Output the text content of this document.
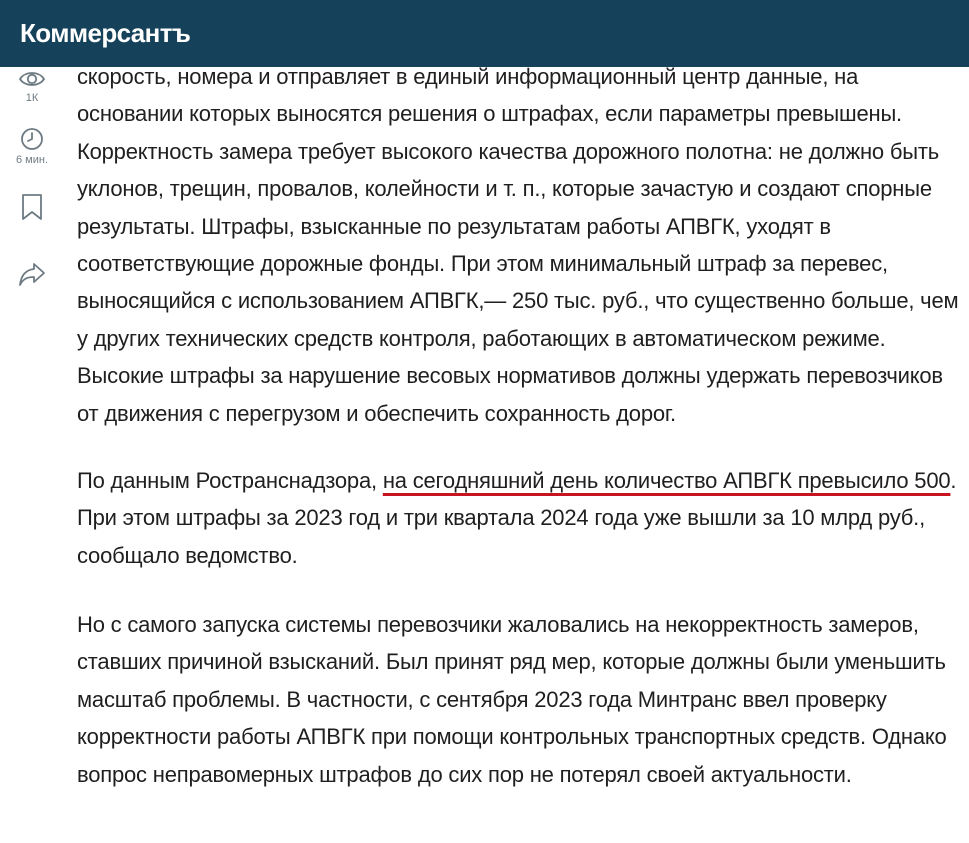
Коммерсантъ
1К
6 мин.

скорость, номера и отправляет в единый информационный центр данные, на основании которых выносятся решения о штрафах, если параметры превышены. Корректность замера требует высокого качества дорожного полотна: не должно быть уклонов, трещин, провалов, колейности и т. п., которые зачастую и создают спорные результаты. Штрафы, взысканные по результатам работы АПВГК, уходят в соответствующие дорожные фонды. При этом минимальный штраф за перевес, выносящийся с использованием АПВГК,— 250 тыс. руб., что существенно больше, чем у других технических средств контроля, работающих в автоматическом режиме. Высокие штрафы за нарушение весовых нормативов должны удержать перевозчиков от движения с перегрузом и обеспечить сохранность дорог.

По данным Ространснадзора, на сегодняшний день количество АПВГК превысило 500. При этом штрафы за 2023 год и три квартала 2024 года уже вышли за 10 млрд руб., сообщало ведомство.

Но с самого запуска системы перевозчики жаловались на некорректность замеров, ставших причиной взысканий. Был принят ряд мер, которые должны были уменьшить масштаб проблемы. В частности, с сентября 2023 года Минтранс ввел проверку корректности работы АПВГК при помощи контрольных транспортных средств. Однако вопрос неправомерных штрафов до сих пор не потерял своей актуальности.
